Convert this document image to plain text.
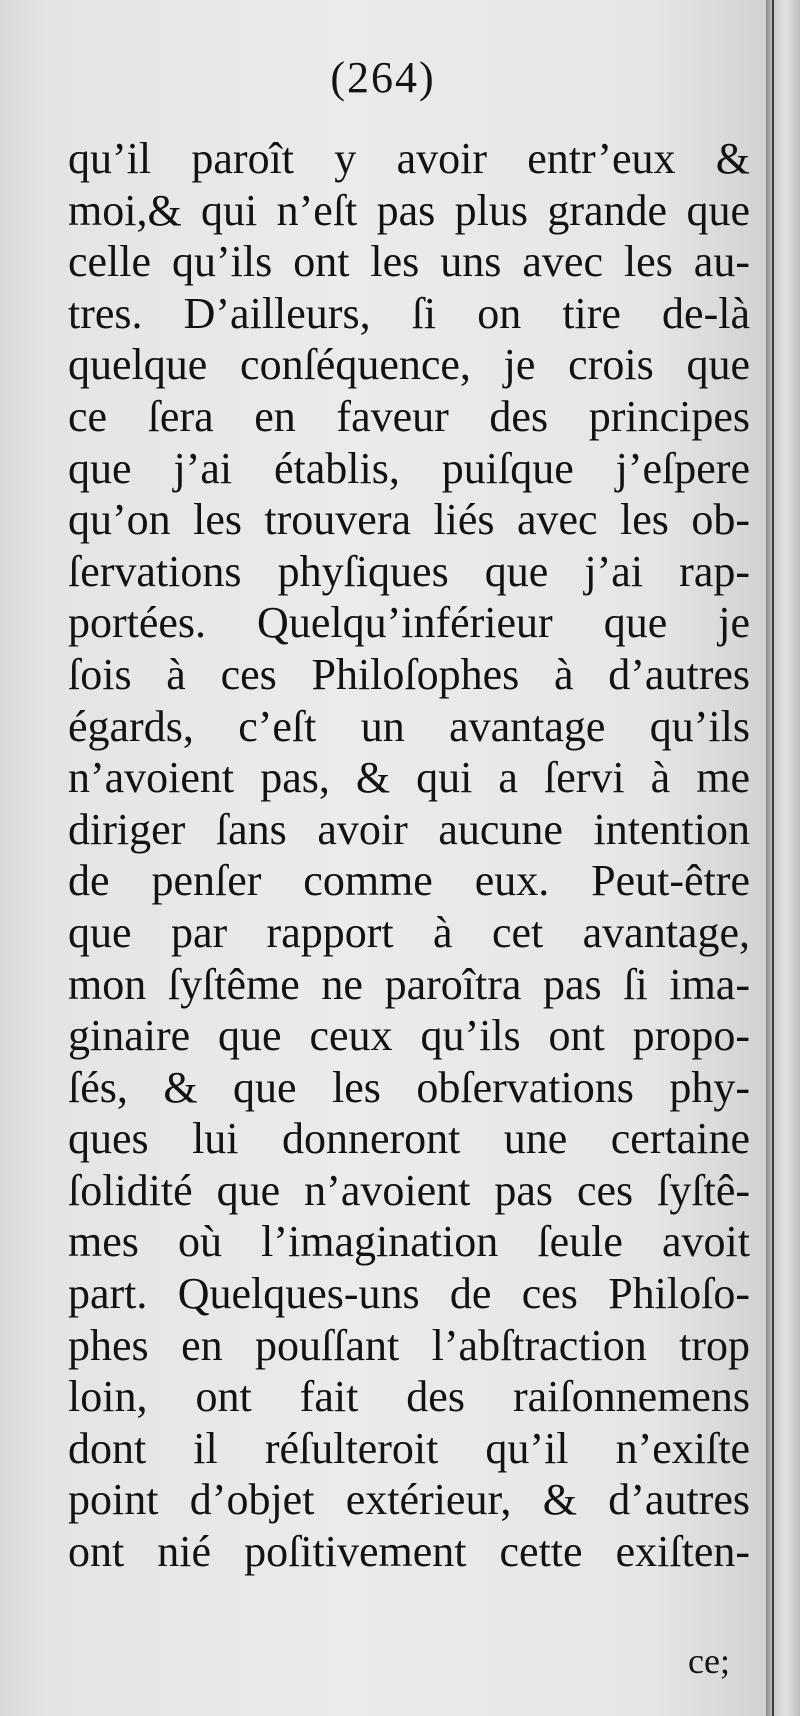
(264)
qu’il paroît y avoir entr’eux &
moi,& qui n’eſt pas plus grande que
celle qu’ils ont les uns avec les au-
tres. D’ailleurs, ſi on tire de-là
quelque conſéquence, je crois que
ce ſera en faveur des principes
que j’ai établis, puiſque j’eſpere
qu’on les trouvera liés avec les ob-
ſervations phyſiques que j’ai rap-
portées. Quelqu’inférieur que je
ſois à ces Philoſophes à d’autres
égards, c’eſt un avantage qu’ils
n’avoient pas, & qui a ſervi à me
diriger ſans avoir aucune intention
de penſer comme eux. Peut-être
que par rapport à cet avantage,
mon ſyſtême ne paroîtra pas ſi ima-
ginaire que ceux qu’ils ont propo-
ſés, & que les obſervations phy-
ques lui donneront une certaine
ſolidité que n’avoient pas ces ſyſtê-
mes où l’imagination ſeule avoit
part. Quelques-uns de ces Philoſo-
phes en pouſſant l’abſtraction trop
loin, ont fait des raiſonnemens
dont il réſulteroit qu’il n’exiſte
point d’objet extérieur, & d’autres
ont nié poſitivement cette exiſten-
ce;
